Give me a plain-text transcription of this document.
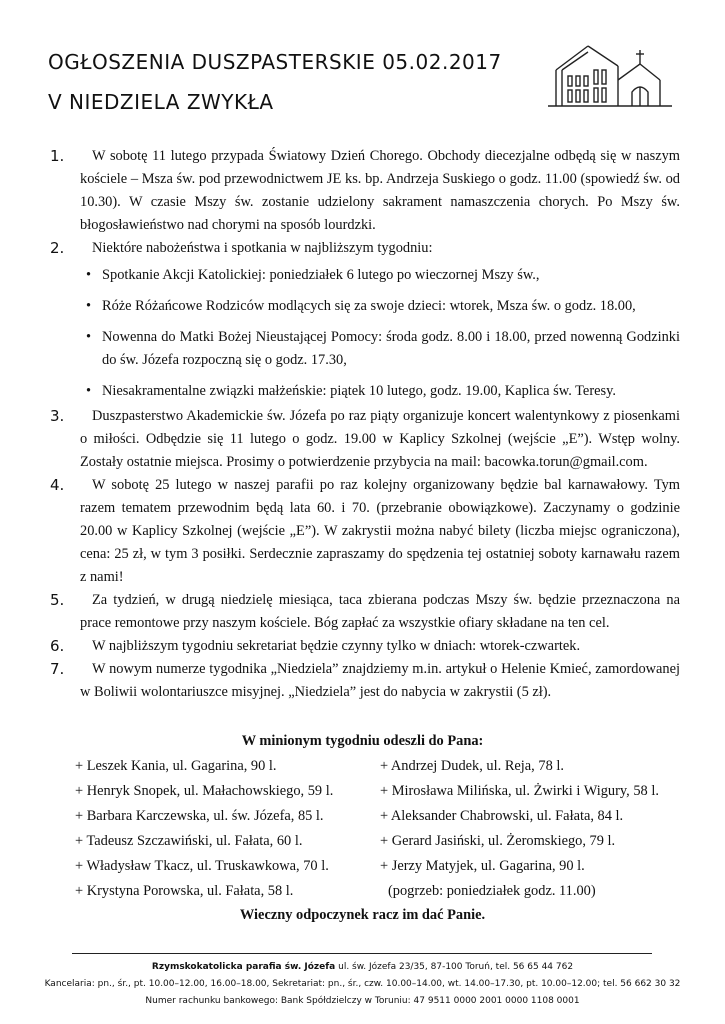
OGŁOSZENIA DUSZPASTERSKIE 05.02.2017
V NIEDZIELA ZWYKŁA
1.	W sobotę 11 lutego przypada Światowy Dzień Chorego. Obchody diecezjalne odbędą się w naszym kościele – Msza św. pod przewodnictwem JE ks. bp. Andrzeja Suskiego o godz. 11.00 (spowiedź św. od 10.30). W czasie Mszy św. zostanie udzielony sakrament namaszczenia chorych. Po Mszy św. błogosławieństwo nad chorymi na sposób lourdzki.
2.	Niektóre nabożeństwa i spotkania w najbliższym tygodniu:
• Spotkanie Akcji Katolickiej: poniedziałek 6 lutego po wieczornej Mszy św.,
• Róże Różańcowe Rodziców modlących się za swoje dzieci: wtorek, Msza św. o godz. 18.00,
• Nowenna do Matki Bożej Nieustającej Pomocy: środa godz. 8.00 i 18.00, przed nowenną Godzinki do św. Józefa rozpoczną się o godz. 17.30,
• Niesakramentalne związki małżeńskie: piątek 10 lutego, godz. 19.00, Kaplica św. Teresy.
3.	Duszpasterstwo Akademickie św. Józefa po raz piąty organizuje koncert walentynkowy z piosenkami o miłości. Odbędzie się 11 lutego o godz. 19.00 w Kaplicy Szkolnej (wejście „E”). Wstęp wolny. Zostały ostatnie miejsca. Prosimy o potwierdzenie przybycia na mail: bacowka.torun@gmail.com.
4.	W sobotę 25 lutego w naszej parafii po raz kolejny organizowany będzie bal karnawałowy. Tym razem tematem przewodnim będą lata 60. i 70. (przebranie obowiązkowe). Zaczynamy o godzinie 20.00 w Kaplicy Szkolnej (wejście „E”). W zakrystii można nabyć bilety (liczba miejsc ograniczona), cena: 25 zł, w tym 3 posiłki. Serdecznie zapraszamy do spędzenia tej ostatniej soboty karnawału razem z nami!
5.	Za tydzień, w drugą niedzielę miesiąca, taca zbierana podczas Mszy św. będzie przeznaczona na prace remontowe przy naszym kościele. Bóg zapłać za wszystkie ofiary składane na ten cel.
6.	W najbliższym tygodniu sekretariat będzie czynny tylko w dniach: wtorek-czwartek.
7.	W nowym numerze tygodnika „Niedziela” znajdziemy m.in. artykuł o Helenie Kmieć, zamordowanej w Boliwii wolontariuszce misyjnej. „Niedziela” jest do nabycia w zakrystii (5 zł).
W minionym tygodniu odeszli do Pana:
+ Leszek Kania, ul. Gagarina, 90 l.
+ Henryk Snopek, ul. Małachowskiego, 59 l.
+ Barbara Karczewska, ul. św. Józefa, 85 l.
+ Tadeusz Szczawiński, ul. Fałata, 60 l.
+ Władysław Tkacz, ul. Truskawkowa, 70 l.
+ Krystyna Porowska, ul. Fałata, 58 l.
+ Andrzej Dudek, ul. Reja, 78 l.
+ Mirosława Milińska, ul. Żwirki i Wigury, 58 l.
+ Aleksander Chabrowski, ul. Fałata, 84 l.
+ Gerard Jasiński, ul. Żeromskiego, 79 l.
+ Jerzy Matyjek, ul. Gagarina, 90 l.
(pogrzeb: poniedziałek godz. 11.00)
Wieczny odpoczynek racz im dać Panie.
Rzymskokatolicka parafia św. Józefa ul. św. Józefa 23/35, 87-100 Toruń, tel. 56 65 44 762
Kancelaria: pn., śr., pt. 10.00–12.00, 16.00–18.00, Sekretariat: pn., śr., czw. 10.00–14.00, wt. 14.00–17.30, pt. 10.00–12.00; tel. 56 662 30 32
Numer rachunku bankowego: Bank Spółdzielczy w Toruniu: 47 9511 0000 2001 0000 1108 0001
